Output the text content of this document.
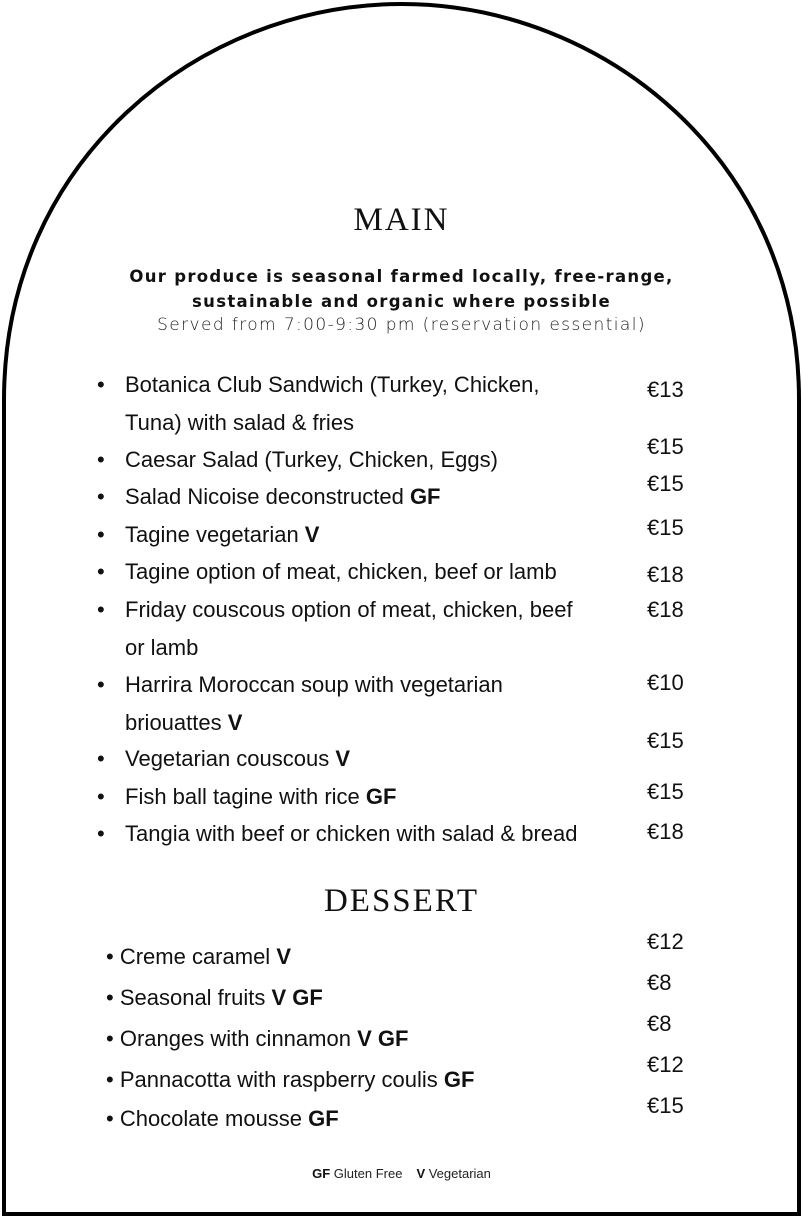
MAIN
Our produce is seasonal farmed locally, free-range,
sustainable and organic where possible
Served from 7:00-9:30 pm (reservation essential)
• Botanica Club Sandwich (Turkey, Chicken,
Tuna) with salad & fries
€13
• Caesar Salad (Turkey, Chicken, Eggs)
€15
• Salad Nicoise deconstructed GF
€15
• Tagine vegetarian V	€15
• Tagine option of meat, chicken, beef or lamb	€18
• Friday couscous option of meat, chicken, beef
or lamb
€18
• Harrira Moroccan soup with vegetarian
briouattes V
€10
• Vegetarian couscous V
€15
• Fish ball tagine with rice GF	€15
• Tangia with beef or chicken with salad & bread	€18
DESSERT
• Creme caramel V
€12
• Seasonal fruits V GF
€8
• Oranges with cinnamon V GF
€8
• Pannacotta with raspberry coulis GF
€12
• Chocolate mousse GF
€15
GF Gluten Free V Vegetarian
